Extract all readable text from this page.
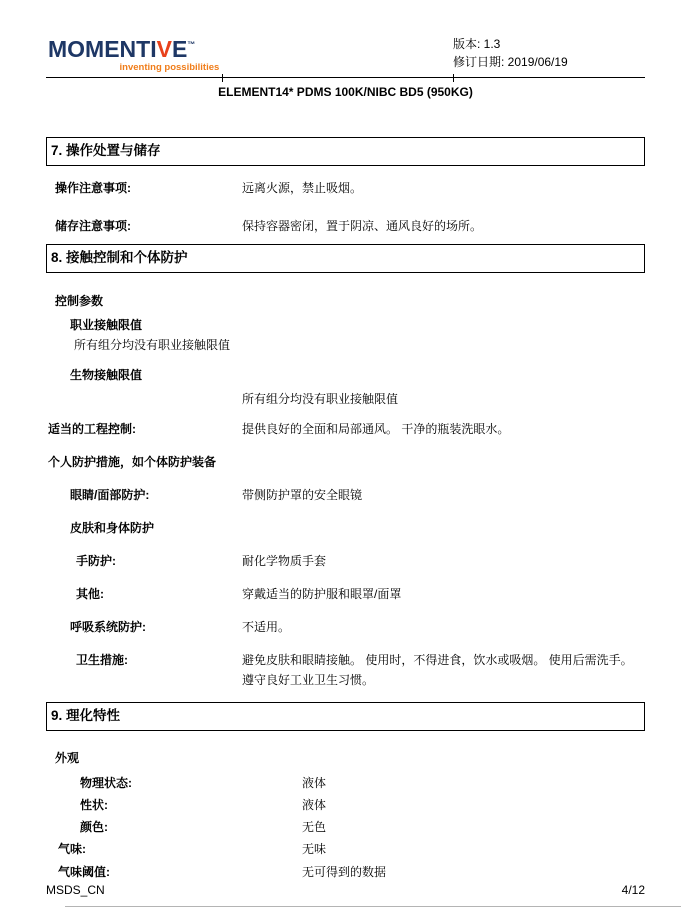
MOMENTIVE™
inventing possibilities
版本: 1.3
修订日期: 2019/06/19
ELEMENT14* PDMS 100K/NIBC BD5 (950KG)
7. 操作处置与储存
操作注意事项:	远离火源，禁止吸烟。
储存注意事项:	保持容器密闭，置于阴凉、通风良好的场所。
8. 接触控制和个体防护
控制参数
职业接触限值
所有组分均没有职业接触限值
生物接触限值
所有组分均没有职业接触限值
适当的工程控制:	提供良好的全面和局部通风。 干净的瓶装洗眼水。
个人防护措施，如个体防护装备
眼睛/面部防护:	带侧防护罩的安全眼镜
皮肤和身体防护
手防护:	耐化学物质手套
其他:	穿戴适当的防护服和眼罩/面罩
呼吸系统防护:	不适用。
卫生措施:	避免皮肤和眼睛接触。 使用时，不得进食，饮水或吸烟。 使用后需洗手。 遵守良好工业卫生习惯。
9. 理化特性
外观
物理状态:	液体
性状:	液体
颜色:	无色
气味:	无味
气味阈值:	无可得到的数据
MSDS_CN	4/12
